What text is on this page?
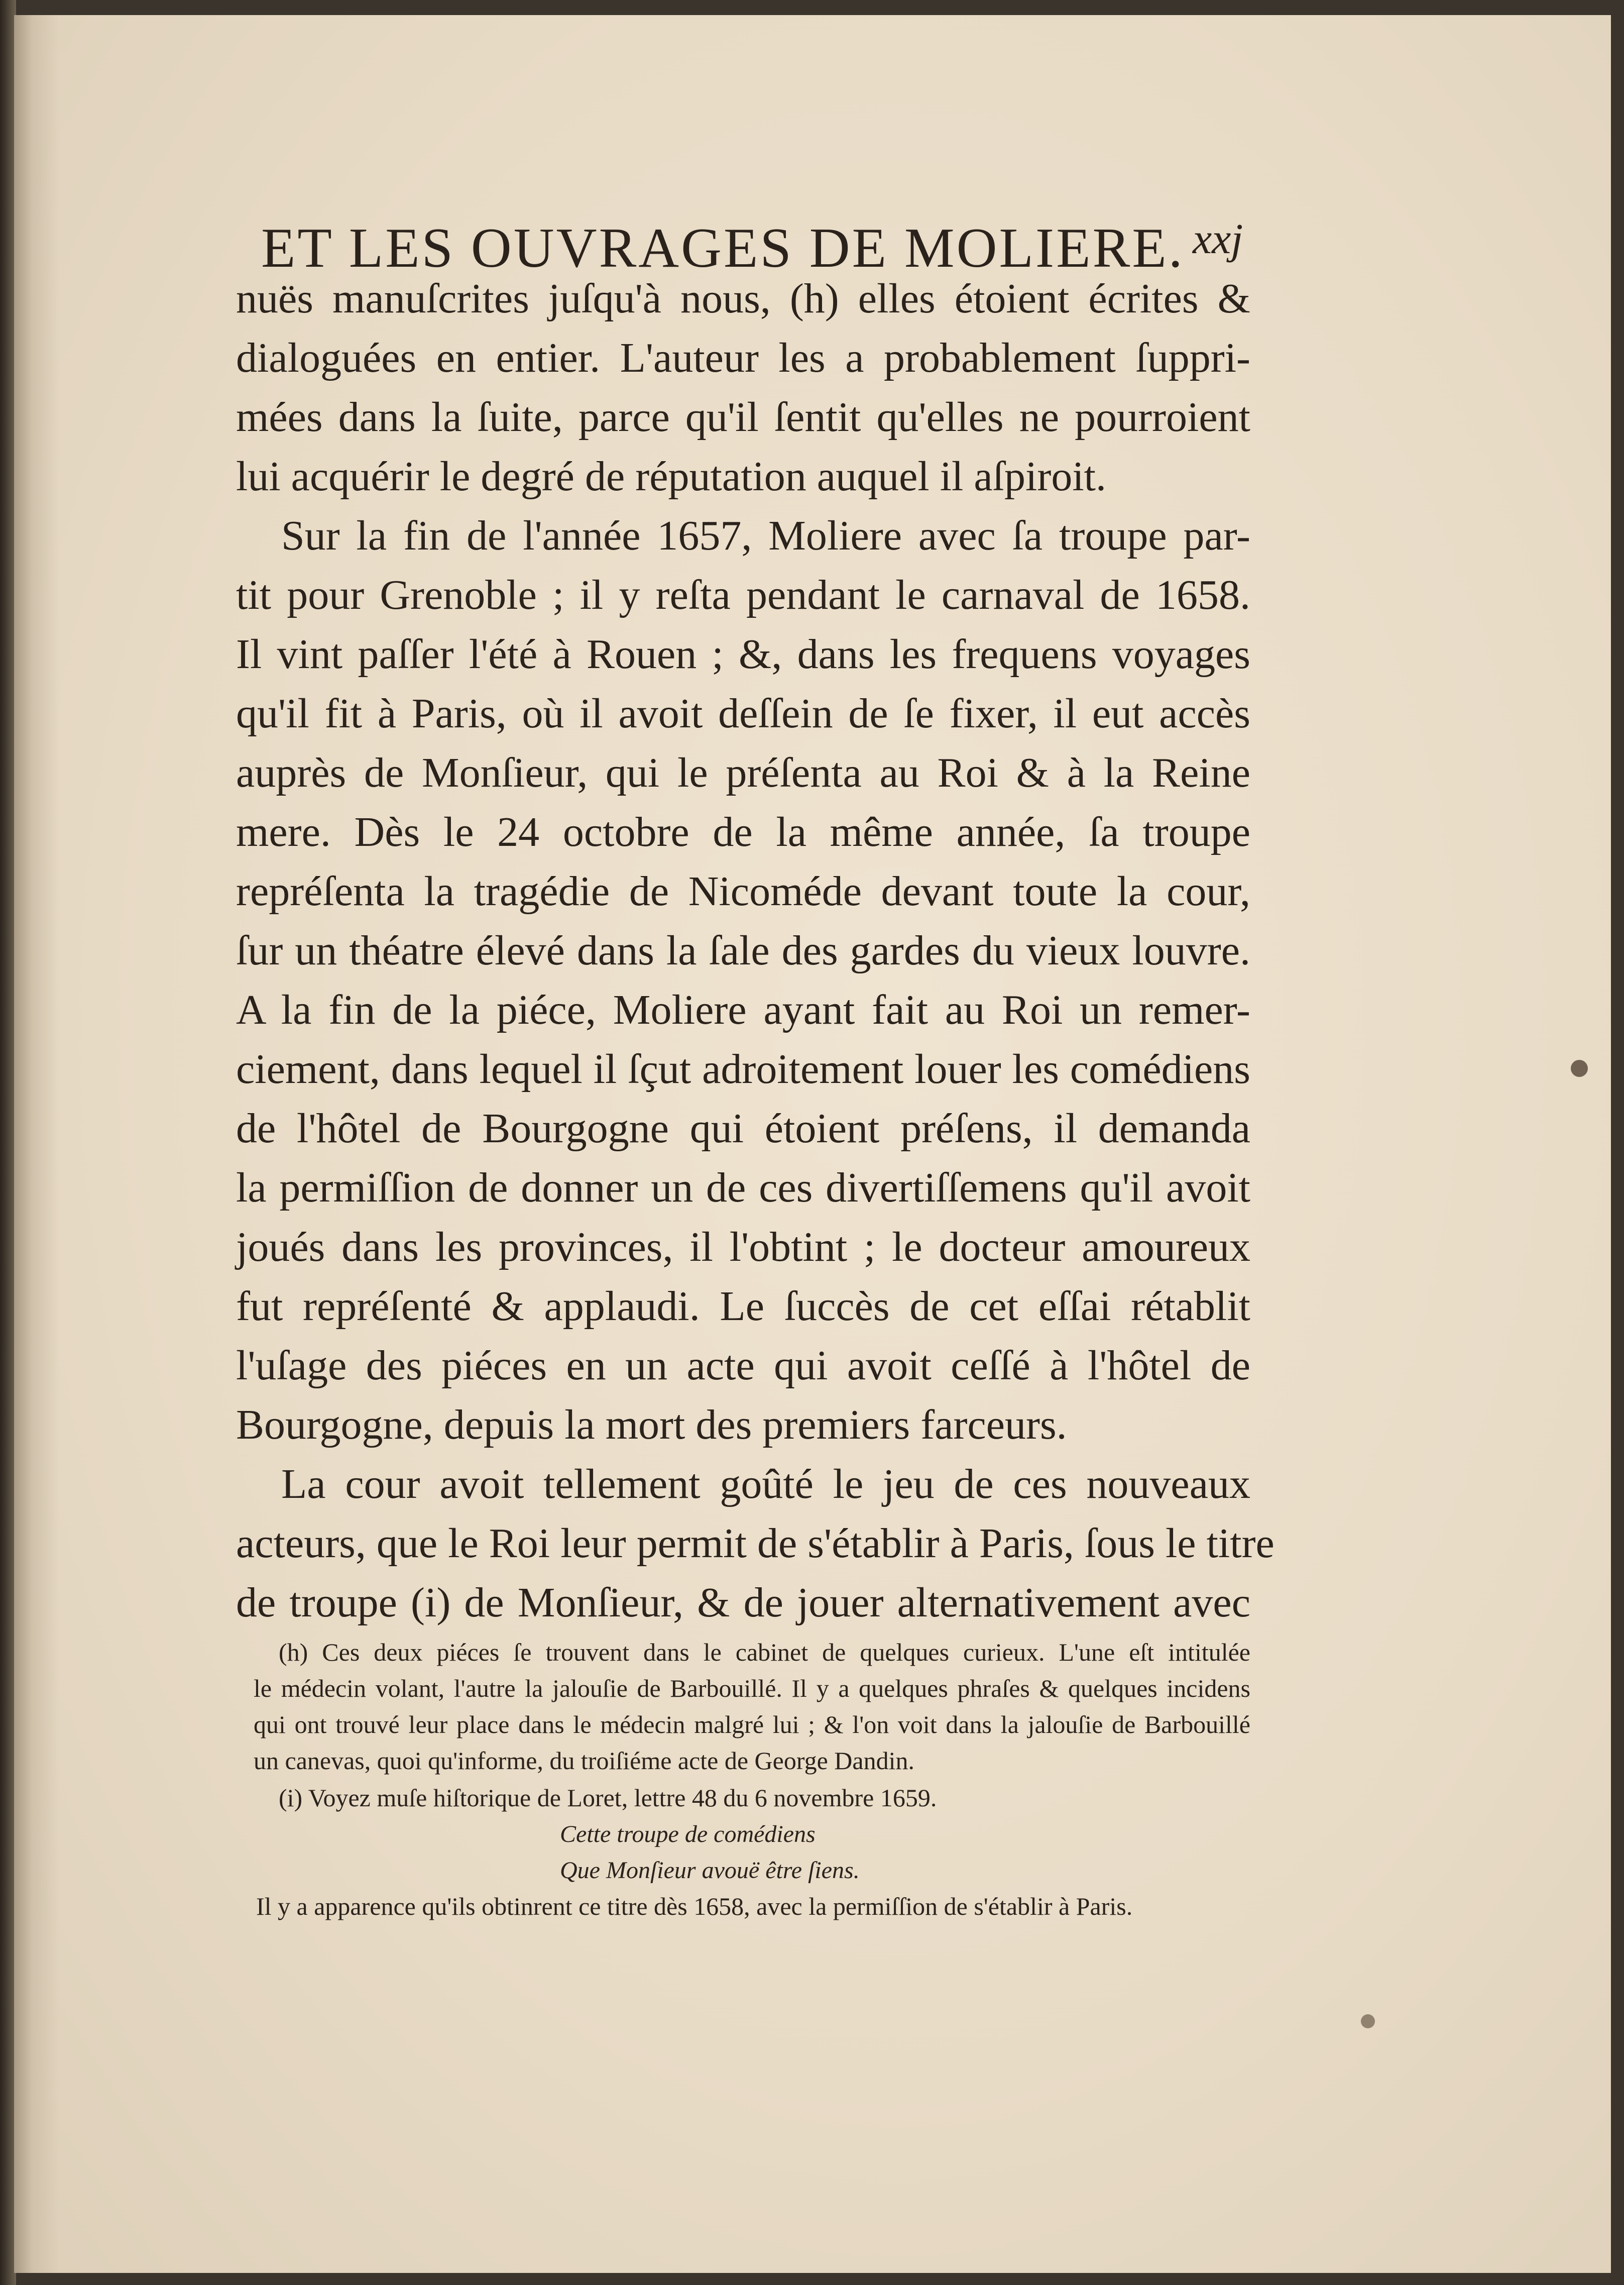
ET LES OUVRAGES DE MOLIERE. xxj
nuës manuſcrites juſqu'à nous, (h) elles étoient écrites &
dialoguées en entier. L'auteur les a probablement ſuppri-
mées dans la ſuite, parce qu'il ſentit qu'elles ne pourroient
lui acquérir le degré de réputation auquel il aſpiroit.
Sur la fin de l'année 1657, Moliere avec ſa troupe par-
tit pour Grenoble ; il y reſta pendant le carnaval de 1658.
Il vint paſſer l'été à Rouen ; &, dans les frequens voyages
qu'il fit à Paris, où il avoit deſſein de ſe fixer, il eut accès
auprès de Monſieur, qui le préſenta au Roi & à la Reine
mere. Dès le 24 octobre de la même année, ſa troupe
repréſenta la tragédie de Nicoméde devant toute la cour,
ſur un théatre élevé dans la ſale des gardes du vieux louvre.
A la fin de la piéce, Moliere ayant fait au Roi un remer-
ciement, dans lequel il ſçut adroitement louer les comédiens
de l'hôtel de Bourgogne qui étoient préſens, il demanda
la permiſſion de donner un de ces divertiſſemens qu'il avoit
joués dans les provinces, il l'obtint ; le docteur amoureux
fut repréſenté & applaudi. Le ſuccès de cet eſſai rétablit
l'uſage des piéces en un acte qui avoit ceſſé à l'hôtel de
Bourgogne, depuis la mort des premiers farceurs.
La cour avoit tellement goûté le jeu de ces nouveaux
acteurs, que le Roi leur permit de s'établir à Paris, ſous le titre
de troupe (i) de Monſieur, & de jouer alternativement avec
(h) Ces deux piéces ſe trouvent dans le cabinet de quelques curieux. L'une eſt intitulée
le médecin volant, l'autre la jalouſie de Barbouillé. Il y a quelques phraſes & quelques incidens
qui ont trouvé leur place dans le médecin malgré lui ; & l'on voit dans la jalouſie de Barbouillé
un canevas, quoi qu'informe, du troiſiéme acte de George Dandin.
(i) Voyez muſe hiſtorique de Loret, lettre 48 du 6 novembre 1659.
Cette troupe de comédiens
Que Monſieur avouë être ſiens.
Il y a apparence qu'ils obtinrent ce titre dès 1658, avec la permiſſion de s'établir à Paris.
